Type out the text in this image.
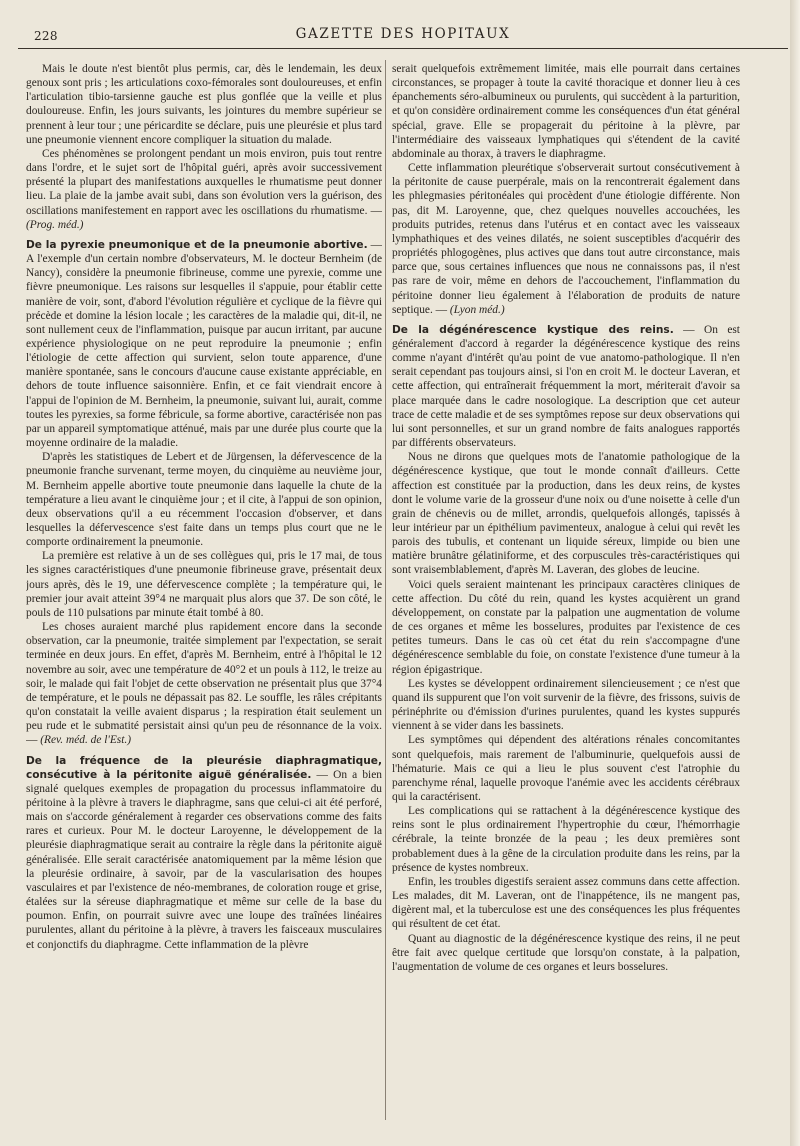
228	GAZETTE DES HOPITAUX

Mais le doute n'est bientôt plus permis, car, dès le lendemain, les deux genoux sont pris ; les articulations coxo-fémorales sont douloureuses, et enfin l'articulation tibio-tarsienne gauche est plus gonflée que la veille et plus douloureuse. Enfin, les jours suivants, les jointures du membre supérieur se prennent à leur tour ; une péricardite se déclare, puis une pleurésie et plus tard une pneumonie viennent encore compliquer la situation du malade.

Ces phénomènes se prolongent pendant un mois environ, puis tout rentre dans l'ordre, et le sujet sort de l'hôpital guéri, après avoir successivement présenté la plupart des manifestations auxquelles le rhumatisme peut donner lieu. La plaie de la jambe avait subi, dans son évolution vers la guérison, des oscillations manifestement en rapport avec les oscillations du rhumatisme. — (Prog. méd.)

De la pyrexie pneumonique et de la pneumonie abortive. — A l'exemple d'un certain nombre d'observateurs, M. le docteur Bernheim (de Nancy), considère la pneumonie fibrineuse, comme une pyrexie, comme une fièvre pneumonique. Les raisons sur lesquelles il s'appuie, pour établir cette manière de voir, sont, d'abord l'évolution régulière et cyclique de la fièvre qui précède et domine la lésion locale ; les caractères de la maladie qui, dit-il, ne sont nullement ceux de l'inflammation, puisque par aucun irritant, par aucune expérience physiologique on ne peut reproduire la pneumonie ; enfin l'étiologie de cette affection qui survient, selon toute apparence, d'une manière spontanée, sans le concours d'aucune cause existante appréciable, en dehors de toute influence saisonnière. Enfin, et ce fait viendrait encore à l'appui de l'opinion de M. Bernheim, la pneumonie, suivant lui, aurait, comme toutes les pyrexies, sa forme fébricule, sa forme abortive, caractérisée non pas par un appareil symptomatique atténué, mais par une durée plus courte que la moyenne ordinaire de la maladie.

D'après les statistiques de Lebert et de Jürgensen, la défervescence de la pneumonie franche survenant, terme moyen, du cinquième au neuvième jour, M. Bernheim appelle abortive toute pneumonie dans laquelle la chute de la température a lieu avant le cinquième jour ; et il cite, à l'appui de son opinion, deux observations qu'il a eu récemment l'occasion d'observer, et dans lesquelles la défervescence s'est faite dans un temps plus court que ne le comporte ordinairement la pneumonie.

La première est relative à un de ses collègues qui, pris le 17 mai, de tous les signes caractéristiques d'une pneumonie fibrineuse grave, présentait deux jours après, dès le 19, une défervescence complète ; la température qui, le premier jour avait atteint 39°4 ne marquait plus alors que 37. De son côté, le pouls de 110 pulsations par minute était tombé à 80.

Les choses auraient marché plus rapidement encore dans la seconde observation, car la pneumonie, traitée simplement par l'expectation, se serait terminée en deux jours. En effet, d'après M. Bernheim, entré à l'hôpital le 12 novembre au soir, avec une température de 40°2 et un pouls à 112, le treize au soir, le malade qui fait l'objet de cette observation ne présentait plus que 37°4 de température, et le pouls ne dépassait pas 82. Le souffle, les râles crépitants qu'on constatait la veille avaient disparus ; la respiration était seulement un peu rude et le submatité persistait ainsi qu'un peu de résonnance de la voix. — (Rev. méd. de l'Est.)

De la fréquence de la pleurésie diaphragmatique, consécutive à la péritonite aiguë généralisée. — On a bien signalé quelques exemples de propagation du processus inflammatoire du péritoine à la plèvre à travers le diaphragme, sans que celui-ci ait été perforé, mais on s'accorde généralement à regarder ces observations comme des faits rares et curieux. Pour M. le docteur Laroyenne, le développement de la pleurésie diaphragmatique serait au contraire la règle dans la péritonite aiguë généralisée. Elle serait caractérisée anatomiquement par la même lésion que la pleurésie ordinaire, à savoir, par de la vascularisation des houpes vasculaires et par l'existence de néo-membranes, de coloration rouge et grise, étalées sur la séreuse diaphragmatique et même sur celle de la base du poumon. Enfin, on pourrait suivre avec une loupe des traînées linéaires purulentes, allant du péritoine à la plèvre, à travers les faisceaux musculaires et conjonctifs du diaphragme. Cette inflammation de la plèvre

serait quelquefois extrêmement limitée, mais elle pourrait dans certaines circonstances, se propager à toute la cavité thoracique et donner lieu à ces épanchements séro-albumineux ou purulents, qui succèdent à la parturition, et qu'on considère ordinairement comme les conséquences d'un état général spécial, grave. Elle se propagerait du péritoine à la plèvre, par l'intermédiaire des vaisseaux lymphatiques qui s'étendent de la cavité abdominale au thorax, à travers le diaphragme.

Cette inflammation pleurétique s'observerait surtout consécutivement à la péritonite de cause puerpérale, mais on la rencontrerait également dans les phlegmasies péritonéales qui procèdent d'une étiologie différente. Non pas, dit M. Laroyenne, que, chez quelques nouvelles accouchées, les produits putrides, retenus dans l'utérus et en contact avec les vaisseaux lymphathiques et des veines dilatés, ne soient susceptibles d'acquérir des propriétés phlogogènes, plus actives que dans tout autre circonstance, mais parce que, sous certaines influences que nous ne connaissons pas, il n'est pas rare de voir, même en dehors de l'accouchement, l'inflammation du péritoine donner lieu également à l'élaboration de produits de nature septique. — (Lyon méd.)

De la dégénérescence kystique des reins. — On est généralement d'accord à regarder la dégénérescence kystique des reins comme n'ayant d'intérêt qu'au point de vue anatomo-pathologique. Il n'en serait cependant pas toujours ainsi, si l'on en croit M. le docteur Laveran, et cette affection, qui entraînerait fréquemment la mort, mériterait d'avoir sa place marquée dans le cadre nosologique. La description que cet auteur trace de cette maladie et de ses symptômes repose sur deux observations qui lui sont personnelles, et sur un grand nombre de faits analogues rapportés par différents observateurs.

Nous ne dirons que quelques mots de l'anatomie pathologique de la dégénérescence kystique, que tout le monde connaît d'ailleurs. Cette affection est constituée par la production, dans les deux reins, de kystes dont le volume varie de la grosseur d'une noix ou d'une noisette à celle d'un grain de chénevis ou de millet, arrondis, quelquefois allongés, tapissés à leur intérieur par un épithélium pavimenteux, analogue à celui qui revêt les parois des tubulis, et contenant un liquide séreux, limpide ou bien une matière brunâtre gélatiniforme, et des corpuscules très-caractéristiques qui sont vraisemblablement, d'après M. Laveran, des globes de leucine.

Voici quels seraient maintenant les principaux caractères cliniques de cette affection. Du côté du rein, quand les kystes acquièrent un grand développement, on constate par la palpation une augmentation de volume de ces organes et même les bosselures, produites par l'existence de ces petites tumeurs. Dans le cas où cet état du rein s'accompagne d'une dégénérescence semblable du foie, on constate l'existence d'une tumeur à la région épigastrique.

Les kystes se développent ordinairement silencieusement ; ce n'est que quand ils suppurent que l'on voit survenir de la fièvre, des frissons, suivis de périnéphrite ou d'émission d'urines purulentes, quand les kystes suppurés viennent à se vider dans les bassinets.

Les symptômes qui dépendent des altérations rénales concomitantes sont quelquefois, mais rarement de l'albuminurie, quelquefois aussi de l'hématurie. Mais ce qui a lieu le plus souvent c'est l'atrophie du parenchyme rénal, laquelle provoque l'anémie avec les accidents cérébraux qui la caractérisent.

Les complications qui se rattachent à la dégénérescence kystique des reins sont le plus ordinairement l'hypertrophie du cœur, l'hémorrhagie cérébrale, la teinte bronzée de la peau ; les deux premières sont probablement dues à la gêne de la circulation produite dans les reins, par la présence de kystes nombreux.

Enfin, les troubles digestifs seraient assez communs dans cette affection. Les malades, dit M. Laveran, ont de l'inappétence, ils ne mangent pas, digèrent mal, et la tuberculose est une des conséquences les plus fréquentes qui résultent de cet état.

Quant au diagnostic de la dégénérescence kystique des reins, il ne peut être fait avec quelque certitude que lorsqu'on constate, à la palpation, l'augmentation de volume de ces organes et leurs bosselures.
